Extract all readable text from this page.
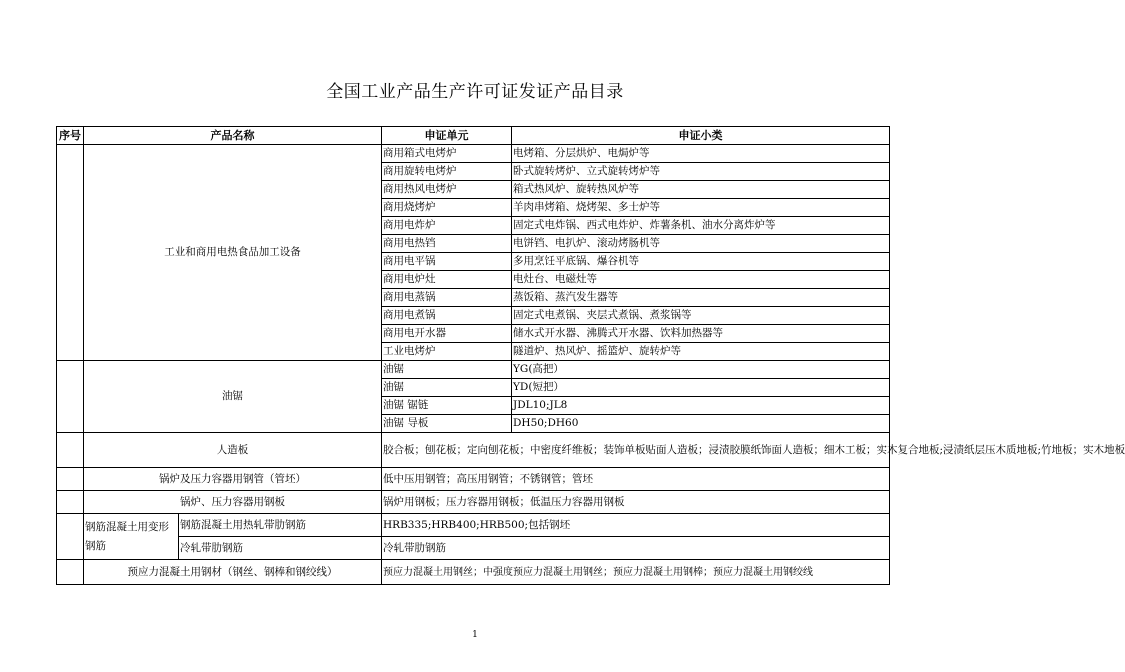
全国工业产品生产许可证发证产品目录
序号	产品名称		申证单元	申证小类
	工业和商用电热食品加工设备		商用箱式电烤炉	电烤箱、分层烘炉、电焗炉等
			商用旋转电烤炉	卧式旋转烤炉、立式旋转烤炉等
			商用热风电烤炉	箱式热风炉、旋转热风炉等
			商用烧烤炉	羊肉串烤箱、烧烤架、多士炉等
			商用电炸炉	固定式电炸锅、西式电炸炉、炸薯条机、油水分离炸炉等
			商用电热铛	电饼铛、电扒炉、滚动烤肠机等
			商用电平锅	多用烹饪平底锅、爆谷机等
			商用电炉灶	电灶台、电磁灶等
			商用电蒸锅	蒸饭箱、蒸汽发生器等
			商用电煮锅	固定式电煮锅、夹层式煮锅、煮浆锅等
			商用电开水器	储水式开水器、沸腾式开水器、饮料加热器等
			工业电烤炉	隧道炉、热风炉、摇篮炉、旋转炉等
	油锯		油锯	YG(高把）
			油锯	YD(短把）
			油锯 锯链	JDL10;JL8
			油锯 导板	DH50;DH60
	人造板		胶合板；刨花板；定向刨花板；中密度纤维板；装饰单板贴面人造板；浸渍胶膜纸饰面人造板；细木工板；实木复合地板;浸渍纸层压木质地板;竹地板；实木地板	
	锅炉及压力容器用钢管（管坯）		低中压用钢管；高压用钢管；不锈钢管；管坯	
	锅炉、压力容器用钢板		锅炉用钢板；压力容器用钢板；低温压力容器用钢板	
	钢筋混凝土用变形钢筋	钢筋混凝土用热轧带肋钢筋	HRB335;HRB400;HRB500;包括钢坯	
		冷轧带肋钢筋	冷轧带肋钢筋	
	预应力混凝土用钢材（钢丝、钢棒和钢绞线）		预应力混凝土用钢丝；中强度预应力混凝土用钢丝；预应力混凝土用钢棒；预应力混凝土用钢绞线	
1
